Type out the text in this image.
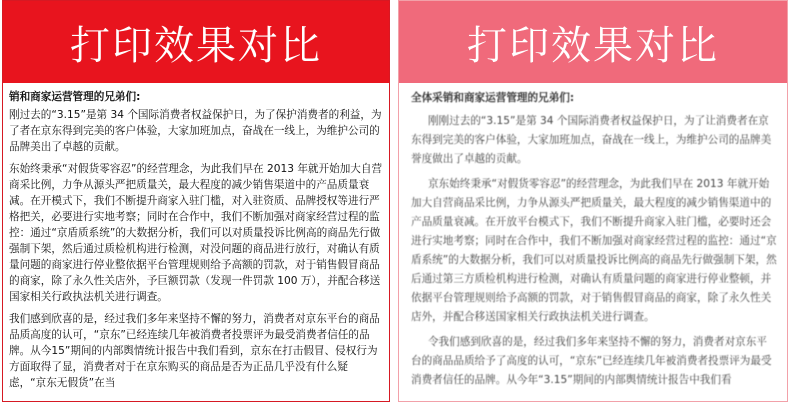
打印效果对比

销和商家运营管理的兄弟们:

刚过去的“3.15”是第 34 个国际消费者权益保护日，为了保护消费者的利益，为了者在京东得到完美的客户体验，大家加班加点，奋战在一线上，为维护公司的品牌美出了卓越的贡献。

东始终秉承“对假货零容忍”的经营理念，为此我们早在 2013 年就开始加大自营商采比例，力争从源头严把质量关，最大程度的减少销售渠道中的产品质量衰减。在开模式下，我们不断提升商家入驻门槛，对入驻资质、品牌授权等进行严格把关，必要进行实地考察；同时在合作中，我们不断加强对商家经营过程的监控：通过“京盾质系统”的大数据分析，我们可以对质量投诉比例高的商品先行做强制下架，然后通过质检机构进行检测，对没问题的商品进行放行，对确认有质量问题的商家进行停业整依据平台管理规则给予高额的罚款，对于销售假冒商品的商家，除了永久性关店外，予巨额罚款（发现一件罚款 100 万），并配合移送国家相关行政执法机关进行调查。

我们感到欣喜的是，经过我们多年来坚持不懈的努力，消费者对京东平台的商品品质高度的认可，“京东”已经连续几年被消费者投票评为最受消费者信任的品牌。从今15”期间的内部舆情统计报告中我们看到，京东在打击假冒、侵权行为方面取得了显，消费者对于在京东购买的商品是否为正品几乎没有什么疑虑，“京东无假货”在当

打印效果对比

全体采销和商家运营管理的兄弟们:

刚刚过去的“3.15”是第 34 个国际消费者权益保护日，为了让消费者在京东得到完美的客户体验，大家加班加点，奋战在一线上，为维护公司的品牌美誉度做出了卓越的贡献。

京东始终秉承“对假货零容忍”的经营理念，为此我们早在 2013 年就开始加大自营商品采比例，力争从源头严把质量关，最大程度的减少销售渠道中的产品质量衰减。在开放平台模式下，我们不断提升商家入驻门槛，必要时还会进行实地考察；同时在合作中，我们不断加强对商家经营过程的监控：通过“京盾系统”的大数据分析，我们可以对质量投诉比例高的商品先行做强制下架，然后通过第三方质检机构进行检测，对确认有质量问题的商家进行停业整顿，并依据平台管理规则给予高额的罚款，对于销售假冒商品的商家，除了永久性关店外，并配合移送国家相关行政执法机关进行调查。

令我们感到欣喜的是，经过我们多年来坚持不懈的努力，消费者对京东平台的商品品质给予了高度的认可，“京东”已经连续几年被消费者投票评为最受消费者信任的品牌。从今年“3.15”期间的内部舆情统计报告中我们看
